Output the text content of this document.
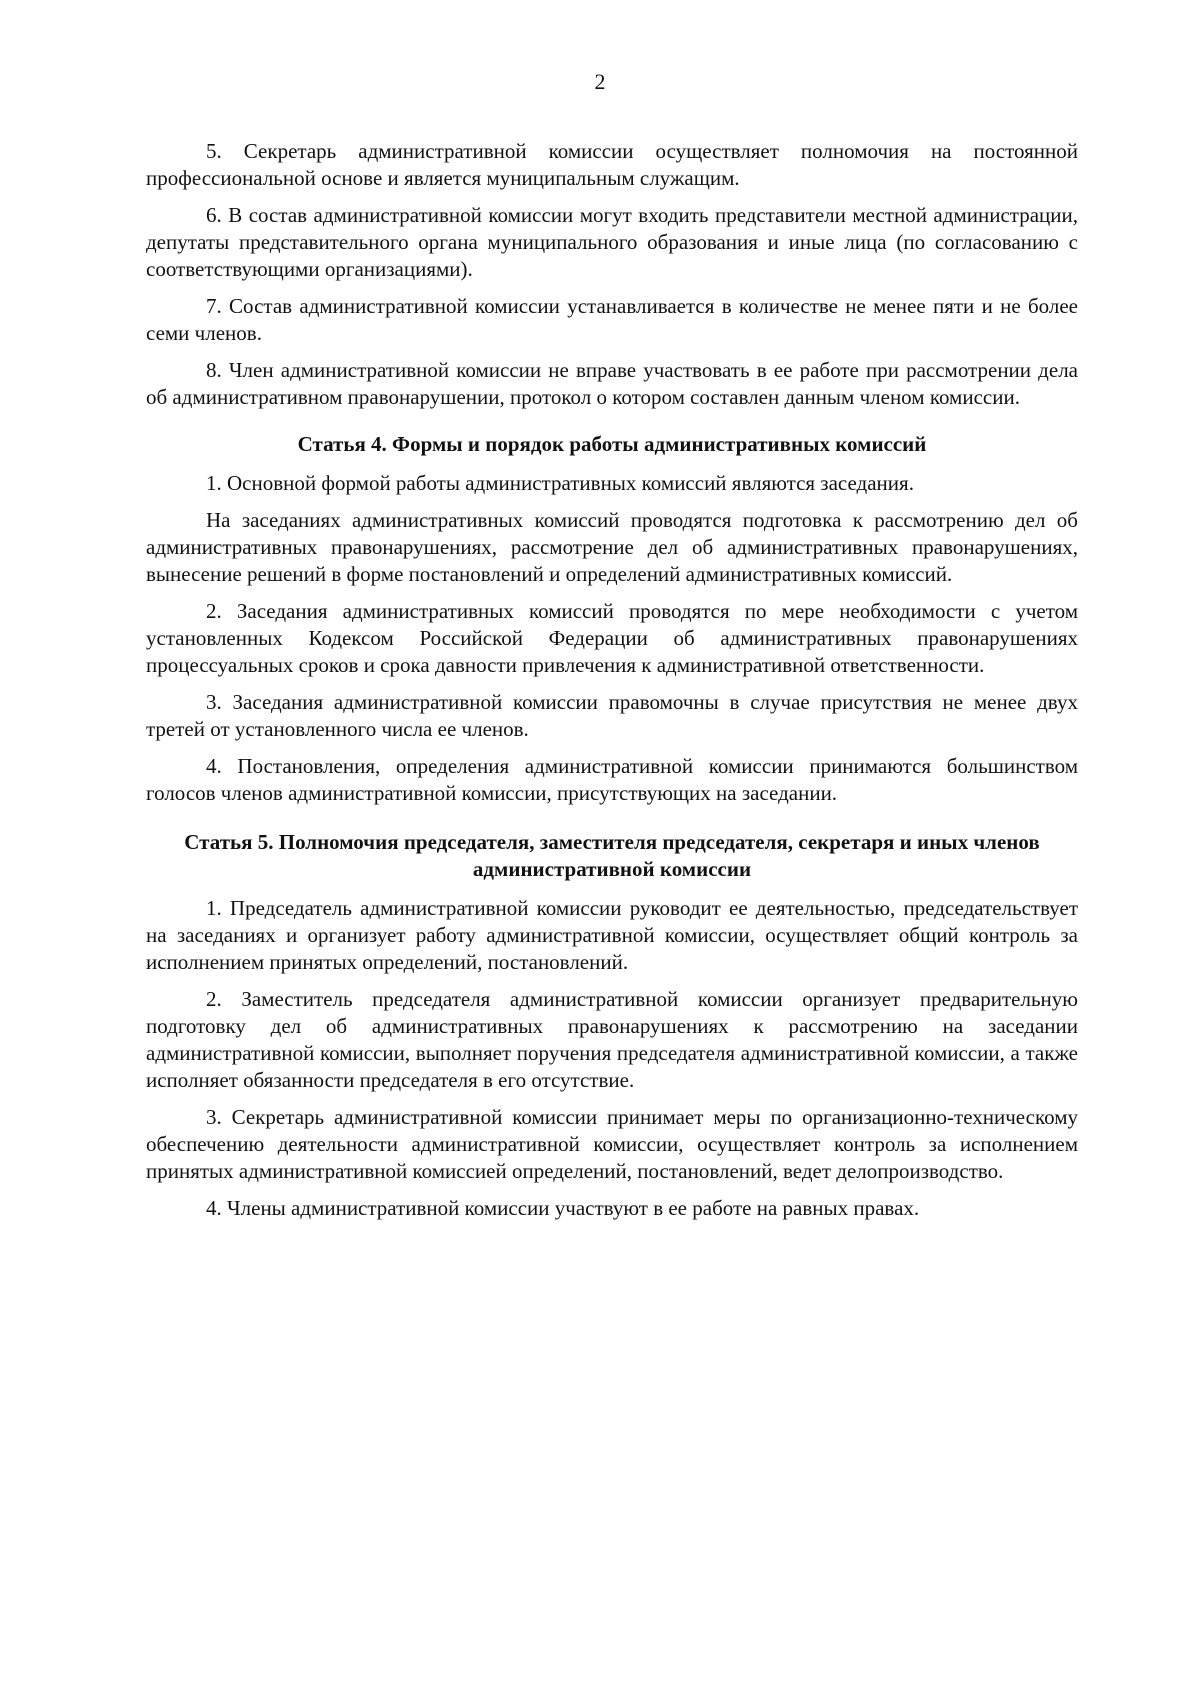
2

5. Секретарь административной комиссии осуществляет полномочия на постоянной профессиональной основе и является муниципальным служащим.

6. В состав административной комиссии могут входить представители местной администрации, депутаты представительного органа муниципального образования и иные лица (по согласованию с соответствующими организациями).

7. Состав административной комиссии устанавливается в количестве не менее пяти и не более семи членов.

8. Член административной комиссии не вправе участвовать в ее работе при рассмотрении дела об административном правонарушении, протокол о котором составлен данным членом комиссии.

Статья 4. Формы и порядок работы административных комиссий

1. Основной формой работы административных комиссий являются заседания.

На заседаниях административных комиссий проводятся подготовка к рассмотрению дел об административных правонарушениях, рассмотрение дел об административных правонарушениях, вынесение решений в форме постановлений и определений административных комиссий.

2. Заседания административных комиссий проводятся по мере необходимости с учетом установленных Кодексом Российской Федерации об административных правонарушениях процессуальных сроков и срока давности привлечения к административной ответственности.

3. Заседания административной комиссии правомочны в случае присутствия не менее двух третей от установленного числа ее членов.

4. Постановления, определения административной комиссии принимаются большинством голосов членов административной комиссии, присутствующих на заседании.

Статья 5. Полномочия председателя, заместителя председателя, секретаря и иных членов административной комиссии

1. Председатель административной комиссии руководит ее деятельностью, председательствует на заседаниях и организует работу административной комиссии, осуществляет общий контроль за исполнением принятых определений, постановлений.

2. Заместитель председателя административной комиссии организует предварительную подготовку дел об административных правонарушениях к рассмотрению на заседании административной комиссии, выполняет поручения председателя административной комиссии, а также исполняет обязанности председателя в его отсутствие.

3. Секретарь административной комиссии принимает меры по организационно-техническому обеспечению деятельности административной комиссии, осуществляет контроль за исполнением принятых административной комиссией определений, постановлений, ведет делопроизводство.

4. Члены административной комиссии участвуют в ее работе на равных правах.
